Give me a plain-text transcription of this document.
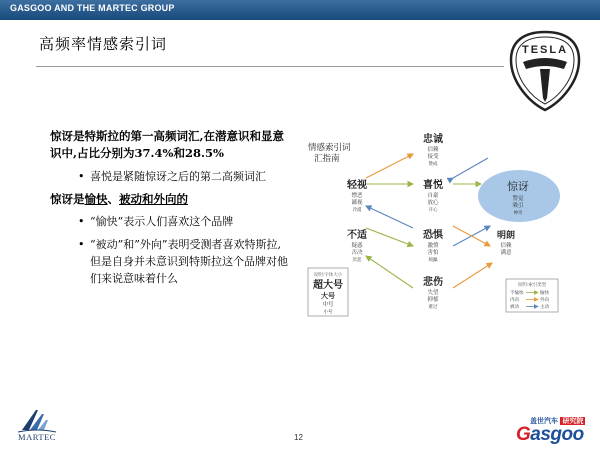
GASGOO AND THE MARTEC GROUP
高频率情感索引词	TESLA

惊讶是特斯拉的第一高频词汇,在潜意识和显意识中,占比分别为37.4%和28.5%

• 喜悦是紧随惊讶之后的第二高频词汇

惊讶是愉快、被动和外向的

• “愉快”表示人们喜欢这个品牌
• “被动”和”外向”表明受测者喜欢特斯拉,但是自身并未意识到特斯拉这个品牌对他们来说意味着什么
情感索引词
汇指南
忠诚
信赖
接受
赞成
轻视
憎恶
鄙视
冷漠
喜悦
自豪
放心
开心
惊讶
警觉
吸引
神奇
不适
疑惑
否决
厌恶
恐惧
激愤
害怕
烦躁
明朗
信赖
满意
悲伤
失望
抑郁
难过
说明:字体大小
超大号
大号
中号
小号
说明:索引类型
不愉快	愉快
内向	外向
被动	主动
12
MARTEC
盖世汽车 研究院
Gasgoo
